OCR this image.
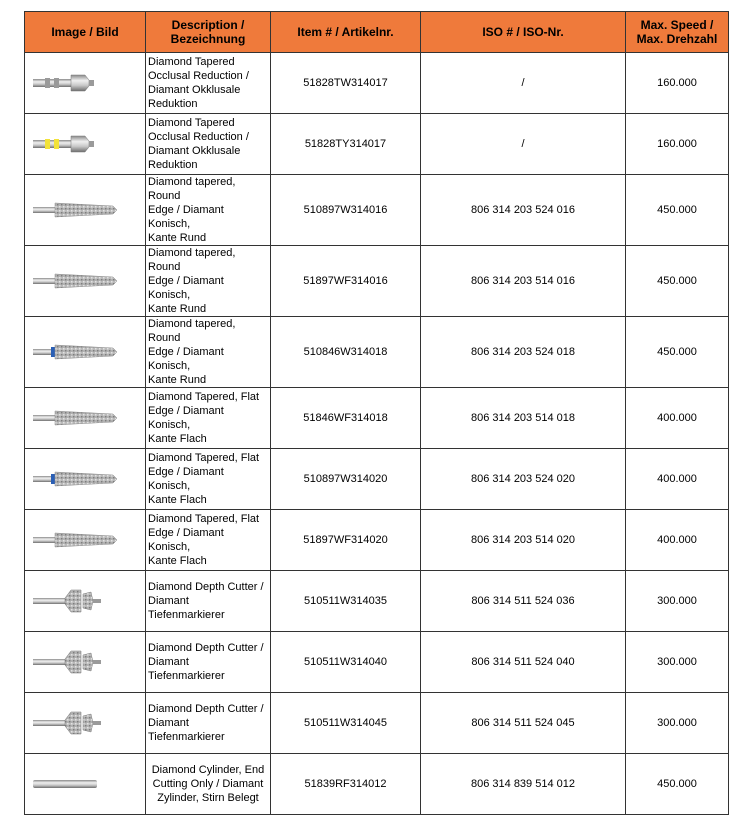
Image / Bild	Description /
Bezeichnung	Item # / Artikelnr.	ISO # / ISO-Nr.	Max. Speed /
Max. Drehzahl

	Diamond Tapered
Occlusal Reduction /
Diamant Okklusale
Reduktion	51828TW314017	/	160.000

	Diamond Tapered
Occlusal Reduction /
Diamant Okklusale
Reduktion	51828TY314017	/	160.000

	Diamond tapered, Round
Edge / Diamant Konisch,
Kante Rund	510897W314016	806 314 203 524 016	450.000

	Diamond tapered, Round
Edge / Diamant Konisch,
Kante Rund	51897WF314016	806 314 203 514 016	450.000

	Diamond tapered, Round
Edge / Diamant Konisch,
Kante Rund	510846W314018	806 314 203 524 018	450.000

	Diamond Tapered, Flat
Edge / Diamant Konisch,
Kante Flach	51846WF314018	806 314 203 514 018	400.000

	Diamond Tapered, Flat
Edge / Diamant Konisch,
Kante Flach	510897W314020	806 314 203 524 020	400.000

	Diamond Tapered, Flat
Edge / Diamant Konisch,
Kante Flach	51897WF314020	806 314 203 514 020	400.000

	Diamond Depth Cutter /
Diamant Tiefenmarkierer	510511W314035	806 314 511 524 036	300.000

	Diamond Depth Cutter /
Diamant Tiefenmarkierer	510511W314040	806 314 511 524 040	300.000

	Diamond Depth Cutter /
Diamant Tiefenmarkierer	510511W314045	806 314 511 524 045	300.000

	Diamond Cylinder, End
Cutting Only / Diamant
Zylinder, Stirn Belegt	51839RF314012	806 314 839 514 012	450.000
